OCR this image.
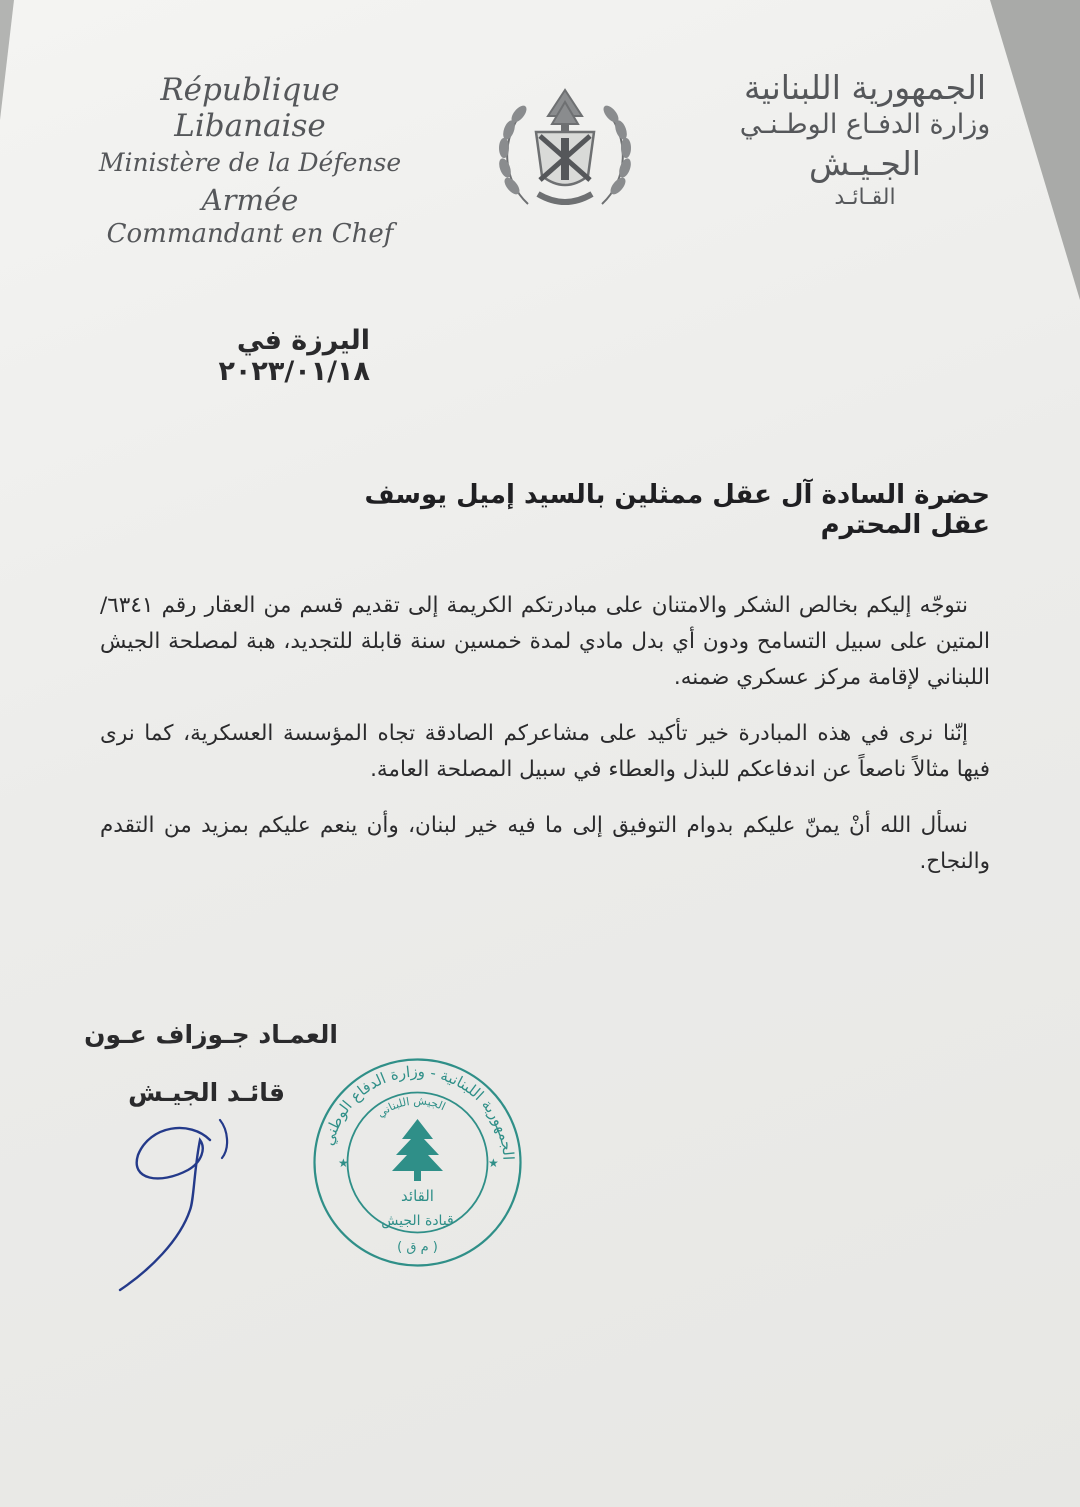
République Libanaise
Ministère de la Défense
Armée
Commandant en Chef
الجمهورية اللبنانية
وزارة الدفـاع الوطـنـي
الجـيـش
القـائـد
اليرزة في ٢٠٢٣/٠١/١٨
حضرة السادة آل عقل ممثلين بالسيد إميل يوسف عقل المحترم

نتوجّه إليكم بخالص الشكر والامتنان على مبادرتكم الكريمة إلى تقديم قسم من العقار رقم ٦٣٤١/المتين على سبيل التسامح ودون أي بدل مادي لمدة خمسين سنة قابلة للتجديد، هبة لمصلحة الجيش اللبناني لإقامة مركز عسكري ضمنه.

إنّنا نرى في هذه المبادرة خير تأكيد على مشاعركم الصادقة تجاه المؤسسة العسكرية، كما نرى فيها مثالاً ناصعاً عن اندفاعكم للبذل والعطاء في سبيل المصلحة العامة.

نسأل الله أنْ يمنّ عليكم بدوام التوفيق إلى ما فيه خير لبنان، وأن ينعم عليكم بمزيد من التقدم والنجاح.

العمـاد جـوزاف عـون
قائـد الجيـش
الجمهورية اللبنانية - وزارة الدفاع الوطني
الجيش اللبناني
★	★
القائد
قيادة الجيش
( م ق )
